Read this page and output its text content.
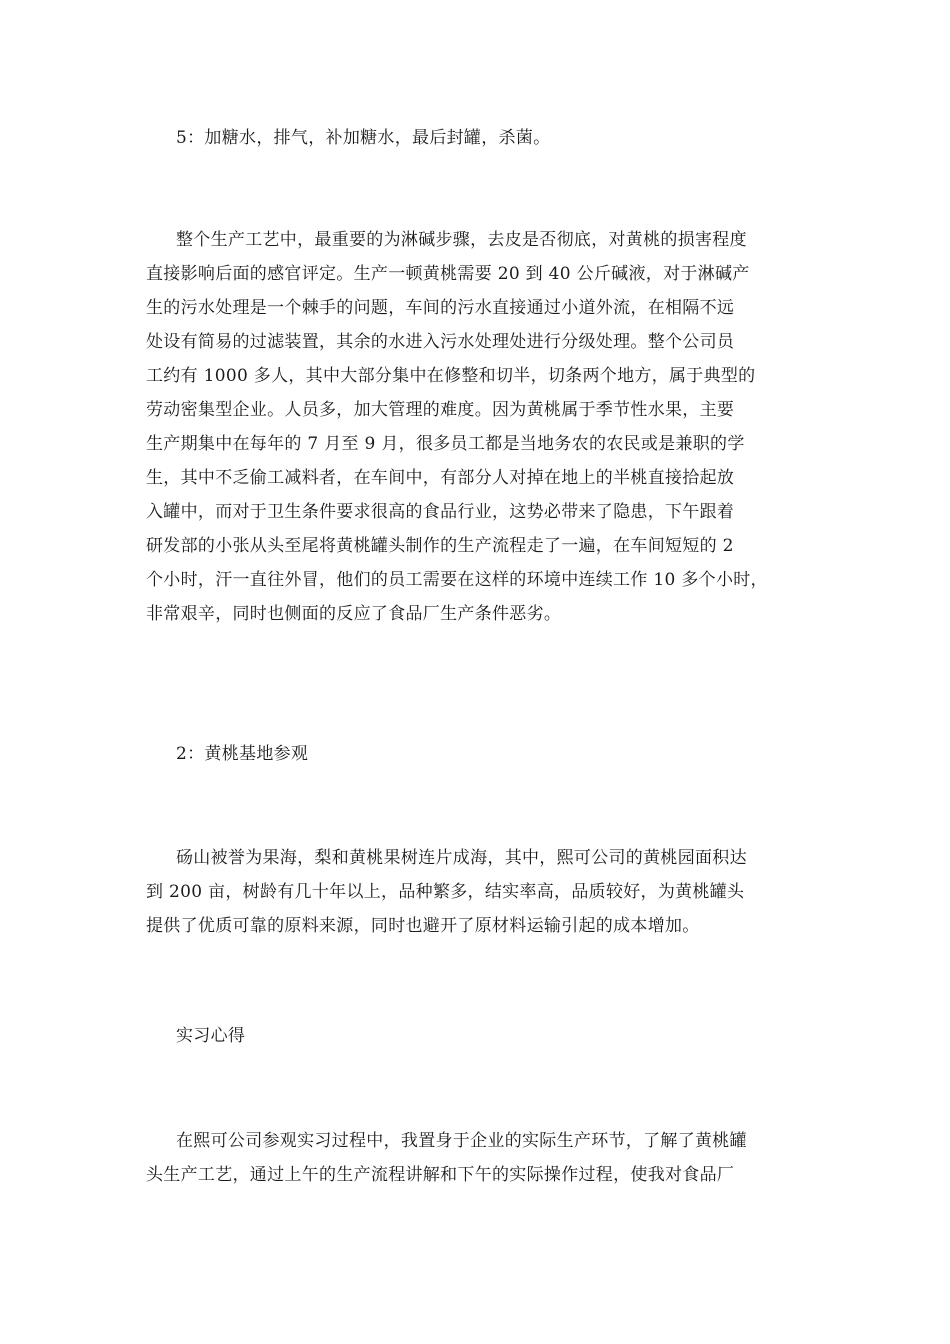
5：加糖水，排气，补加糖水，最后封罐，杀菌。
整个生产工艺中，最重要的为淋碱步骤，去皮是否彻底，对黄桃的损害程度
直接影响后面的感官评定。生产一顿黄桃需要 20 到 40 公斤碱液，对于淋碱产
生的污水处理是一个棘手的问题，车间的污水直接通过小道外流，在相隔不远
处设有简易的过滤装置，其余的水进入污水处理处进行分级处理。整个公司员
工约有 1000 多人，其中大部分集中在修整和切半，切条两个地方，属于典型的
劳动密集型企业。人员多，加大管理的难度。因为黄桃属于季节性水果，主要
生产期集中在每年的 7 月至 9 月，很多员工都是当地务农的农民或是兼职的学
生，其中不乏偷工减料者，在车间中，有部分人对掉在地上的半桃直接拾起放
入罐中，而对于卫生条件要求很高的食品行业，这势必带来了隐患，下午跟着
研发部的小张从头至尾将黄桃罐头制作的生产流程走了一遍，在车间短短的 2
个小时，汗一直往外冒，他们的员工需要在这样的环境中连续工作 10 多个小时，
非常艰辛，同时也侧面的反应了食品厂生产条件恶劣。
2：黄桃基地参观
砀山被誉为果海，梨和黄桃果树连片成海，其中，熙可公司的黄桃园面积达
到 200 亩，树龄有几十年以上，品种繁多，结实率高，品质较好，为黄桃罐头
提供了优质可靠的原料来源，同时也避开了原材料运输引起的成本增加。
实习心得
在熙可公司参观实习过程中，我置身于企业的实际生产环节，了解了黄桃罐
头生产工艺，通过上午的生产流程讲解和下午的实际操作过程，使我对食品厂
